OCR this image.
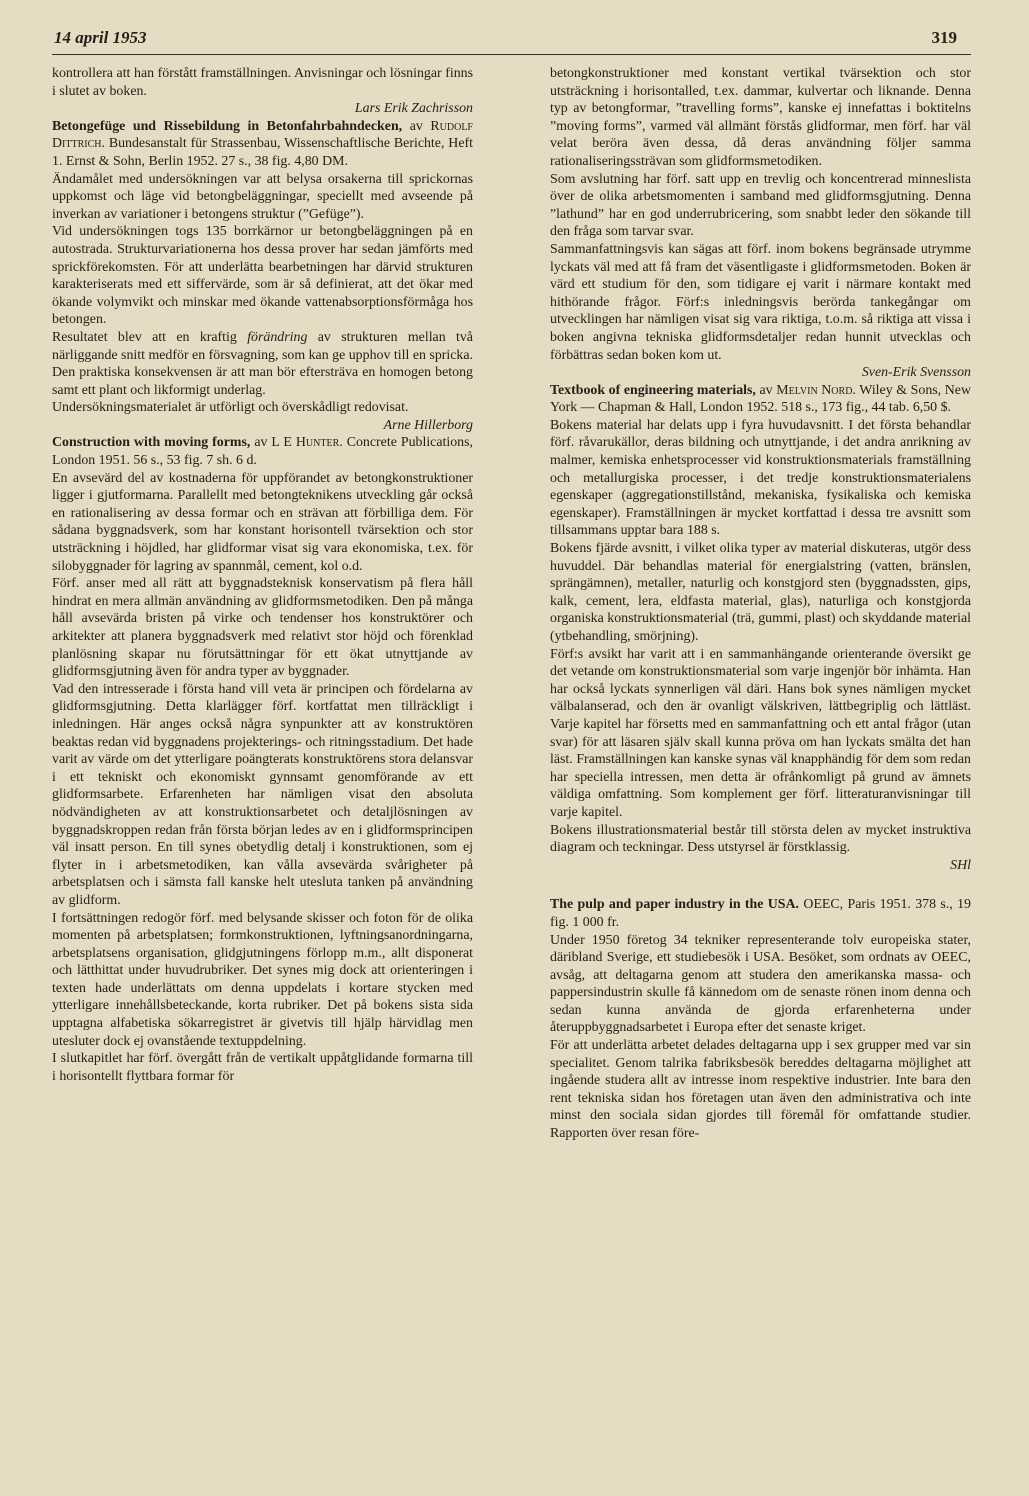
14 april 1953	319

kontrollera att han förstått framställningen. Anvisningar och lösningar finns i slutet av boken.

Lars Erik Zachrisson

Betongefüge und Rissebildung in Betonfahrbahndecken, av Rudolf Dittrich. Bundesanstalt für Strassenbau, Wissenschaftlische Berichte, Heft 1. Ernst & Sohn, Berlin 1952. 27 s., 38 fig. 4,80 DM.

Ändamålet med undersökningen var att belysa orsakerna till sprickornas uppkomst och läge vid betongbeläggningar, speciellt med avseende på inverkan av variationer i betongens struktur (”Gefüge”).

Vid undersökningen togs 135 borrkärnor ur betongbeläggningen på en autostrada. Strukturvariationerna hos dessa prover har sedan jämförts med sprickförekomsten. För att underlätta bearbetningen har därvid strukturen karakteriserats med ett siffervärde, som är så definierat, att det ökar med ökande volymvikt och minskar med ökande vattenabsorptionsförmåga hos betongen.

Resultatet blev att en kraftig förändring av strukturen mellan två närliggande snitt medför en försvagning, som kan ge upphov till en spricka. Den praktiska konsekvensen är att man bör eftersträva en homogen betong samt ett plant och likformigt underlag.

Undersökningsmaterialet är utförligt och överskådligt redovisat.

Arne Hillerborg

Construction with moving forms, av L E Hunter. Concrete Publications, London 1951. 56 s., 53 fig. 7 sh. 6 d.

En avsevärd del av kostnaderna för uppförandet av betongkonstruktioner ligger i gjutformarna. Parallellt med betongteknikens utveckling går också en rationalisering av dessa formar och en strävan att förbilliga dem. För sådana byggnadsverk, som har konstant horisontell tvärsektion och stor utsträckning i höjdled, har glidformar visat sig vara ekonomiska, t.ex. för silobyggnader för lagring av spannmål, cement, kol o.d.

Förf. anser med all rätt att byggnadsteknisk konservatism på flera håll hindrat en mera allmän användning av glidformsmetodiken. Den på många håll avsevärda bristen på virke och tendenser hos konstruktörer och arkitekter att planera byggnadsverk med relativt stor höjd och förenklad planlösning skapar nu förutsättningar för ett ökat utnyttjande av glidformsgjutning även för andra typer av byggnader.

Vad den intresserade i första hand vill veta är principen och fördelarna av glidformsgjutning. Detta klarlägger förf. kortfattat men tillräckligt i inledningen. Här anges också några synpunkter att av konstruktören beaktas redan vid byggnadens projekterings- och ritningsstadium. Det hade varit av värde om det ytterligare poängterats konstruktörens stora delansvar i ett tekniskt och ekonomiskt gynnsamt genomförande av ett glidformsarbete. Erfarenheten har nämligen visat den absoluta nödvändigheten av att konstruktionsarbetet och detaljlösningen av byggnadskroppen redan från första början ledes av en i glidformsprincipen väl insatt person. En till synes obetydlig detalj i konstruktionen, som ej flyter in i arbetsmetodiken, kan vålla avsevärda svårigheter på arbetsplatsen och i sämsta fall kanske helt utesluta tanken på användning av glidform.

I fortsättningen redogör förf. med belysande skisser och foton för de olika momenten på arbetsplatsen; formkonstruktionen, lyftningsanordningarna, arbetsplatsens organisation, glidgjutningens förlopp m.m., allt disponerat och lätthittat under huvudrubriker. Det synes mig dock att orienteringen i texten hade underlättats om denna uppdelats i kortare stycken med ytterligare innehållsbeteckande, korta rubriker. Det på bokens sista sida upptagna alfabetiska sökarregistret är givetvis till hjälp härvidlag men utesluter dock ej ovanstående textuppdelning.

I slutkapitlet har förf. övergått från de vertikalt uppåtglidande formarna till i horisontellt flyttbara formar för

betongkonstruktioner med konstant vertikal tvärsektion och stor utsträckning i horisontalled, t.ex. dammar, kulvertar och liknande. Denna typ av betongformar, ”travelling forms”, kanske ej innefattas i boktitelns ”moving forms”, varmed väl allmänt förstås glidformar, men förf. har väl velat beröra även dessa, då deras användning följer samma rationaliseringssträvan som glidformsmetodiken.

Som avslutning har förf. satt upp en trevlig och koncentrerad minneslista över de olika arbetsmomenten i samband med glidformsgjutning. Denna ”lathund” har en god underrubricering, som snabbt leder den sökande till den fråga som tarvar svar.

Sammanfattningsvis kan sägas att förf. inom bokens begränsade utrymme lyckats väl med att få fram det väsentligaste i glidformsmetoden. Boken är värd ett studium för den, som tidigare ej varit i närmare kontakt med hithörande frågor. Förf:s inledningsvis berörda tankegångar om utvecklingen har nämligen visat sig vara riktiga, t.o.m. så riktiga att vissa i boken angivna tekniska glidformsdetaljer redan hunnit utvecklas och förbättras sedan boken kom ut.

Sven-Erik Svensson

Textbook of engineering materials, av Melvin Nord. Wiley & Sons, New York — Chapman & Hall, London 1952. 518 s., 173 fig., 44 tab. 6,50 $.

Bokens material har delats upp i fyra huvudavsnitt. I det första behandlar förf. råvarukällor, deras bildning och utnyttjande, i det andra anrikning av malmer, kemiska enhetsprocesser vid konstruktionsmaterials framställning och metallurgiska processer, i det tredje konstruktionsmaterialens egenskaper (aggregationstillstånd, mekaniska, fysikaliska och kemiska egenskaper). Framställningen är mycket kortfattad i dessa tre avsnitt som tillsammans upptar bara 188 s.

Bokens fjärde avsnitt, i vilket olika typer av material diskuteras, utgör dess huvuddel. Där behandlas material för energialstring (vatten, bränslen, sprängämnen), metaller, naturlig och konstgjord sten (byggnadssten, gips, kalk, cement, lera, eldfasta material, glas), naturliga och konstgjorda organiska konstruktionsmaterial (trä, gummi, plast) och skyddande material (ytbehandling, smörjning).

Förf:s avsikt har varit att i en sammanhängande orienterande översikt ge det vetande om konstruktionsmaterial som varje ingenjör bör inhämta. Han har också lyckats synnerligen väl däri. Hans bok synes nämligen mycket välbalanserad, och den är ovanligt välskriven, lättbegriplig och lättläst. Varje kapitel har försetts med en sammanfattning och ett antal frågor (utan svar) för att läsaren själv skall kunna pröva om han lyckats smälta det han läst. Framställningen kan kanske synas väl knapphändig för dem som redan har speciella intressen, men detta är ofrånkomligt på grund av ämnets väldiga omfattning. Som komplement ger förf. litteraturanvisningar till varje kapitel.

Bokens illustrationsmaterial består till största delen av mycket instruktiva diagram och teckningar. Dess utstyrsel är förstklassig.

SHl

The pulp and paper industry in the USA. OEEC, Paris 1951. 378 s., 19 fig. 1 000 fr.

Under 1950 företog 34 tekniker representerande tolv europeiska stater, däribland Sverige, ett studiebesök i USA. Besöket, som ordnats av OEEC, avsåg, att deltagarna genom att studera den amerikanska massa- och pappersindustrin skulle få kännedom om de senaste rönen inom denna och sedan kunna använda de gjorda erfarenheterna under återuppbyggnadsarbetet i Europa efter det senaste kriget.

För att underlätta arbetet delades deltagarna upp i sex grupper med var sin specialitet. Genom talrika fabriksbesök bereddes deltagarna möjlighet att ingående studera allt av intresse inom respektive industrier. Inte bara den rent tekniska sidan hos företagen utan även den administrativa och inte minst den sociala sidan gjordes till föremål för omfattande studier. Rapporten över resan före-
